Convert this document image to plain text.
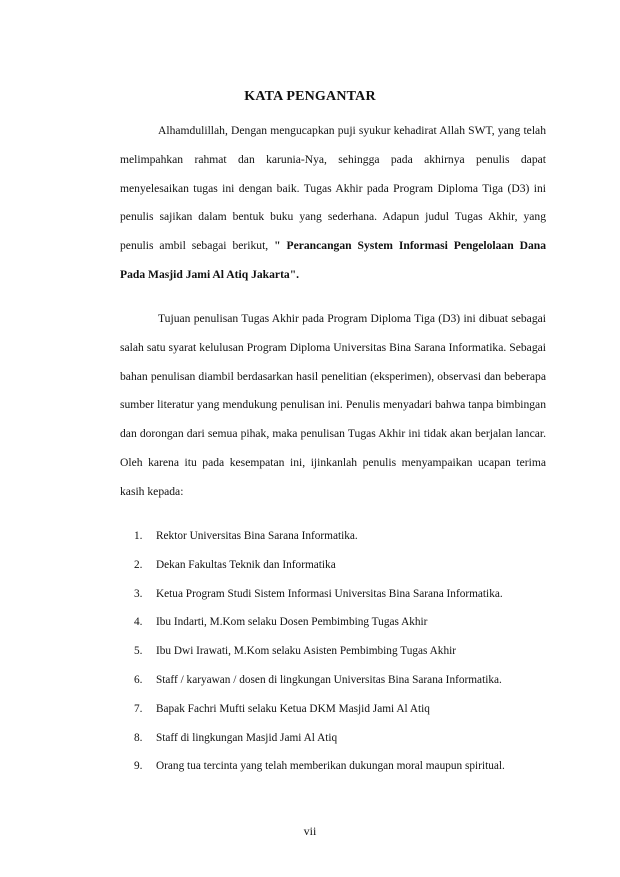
KATA PENGANTAR
Alhamdulillah, Dengan mengucapkan puji syukur kehadirat Allah SWT, yang telah melimpahkan rahmat dan karunia-Nya, sehingga pada akhirnya penulis dapat menyelesaikan tugas ini dengan baik. Tugas Akhir pada Program Diploma Tiga (D3) ini penulis sajikan dalam bentuk buku yang sederhana. Adapun judul Tugas Akhir, yang penulis ambil sebagai berikut, " Perancangan System Informasi Pengelolaan Dana Pada Masjid Jami Al Atiq Jakarta".
Tujuan penulisan Tugas Akhir pada Program Diploma Tiga (D3) ini dibuat sebagai salah satu syarat kelulusan Program Diploma Universitas Bina Sarana Informatika. Sebagai bahan penulisan diambil berdasarkan hasil penelitian (eksperimen), observasi dan beberapa sumber literatur yang mendukung penulisan ini. Penulis menyadari bahwa tanpa bimbingan dan dorongan dari semua pihak, maka penulisan Tugas Akhir ini tidak akan berjalan lancar. Oleh karena itu pada kesempatan ini, ijinkanlah penulis menyampaikan ucapan terima kasih kepada:
1. Rektor Universitas Bina Sarana Informatika.
2. Dekan Fakultas Teknik dan Informatika
3. Ketua Program Studi Sistem Informasi Universitas Bina Sarana Informatika.
4. Ibu Indarti, M.Kom selaku Dosen Pembimbing Tugas Akhir
5. Ibu Dwi Irawati, M.Kom selaku Asisten Pembimbing Tugas Akhir
6. Staff / karyawan / dosen di lingkungan Universitas Bina Sarana Informatika.
7. Bapak Fachri Mufti selaku Ketua DKM Masjid Jami Al Atiq
8. Staff di lingkungan Masjid Jami Al Atiq
9. Orang tua tercinta yang telah memberikan dukungan moral maupun spiritual.
vii
